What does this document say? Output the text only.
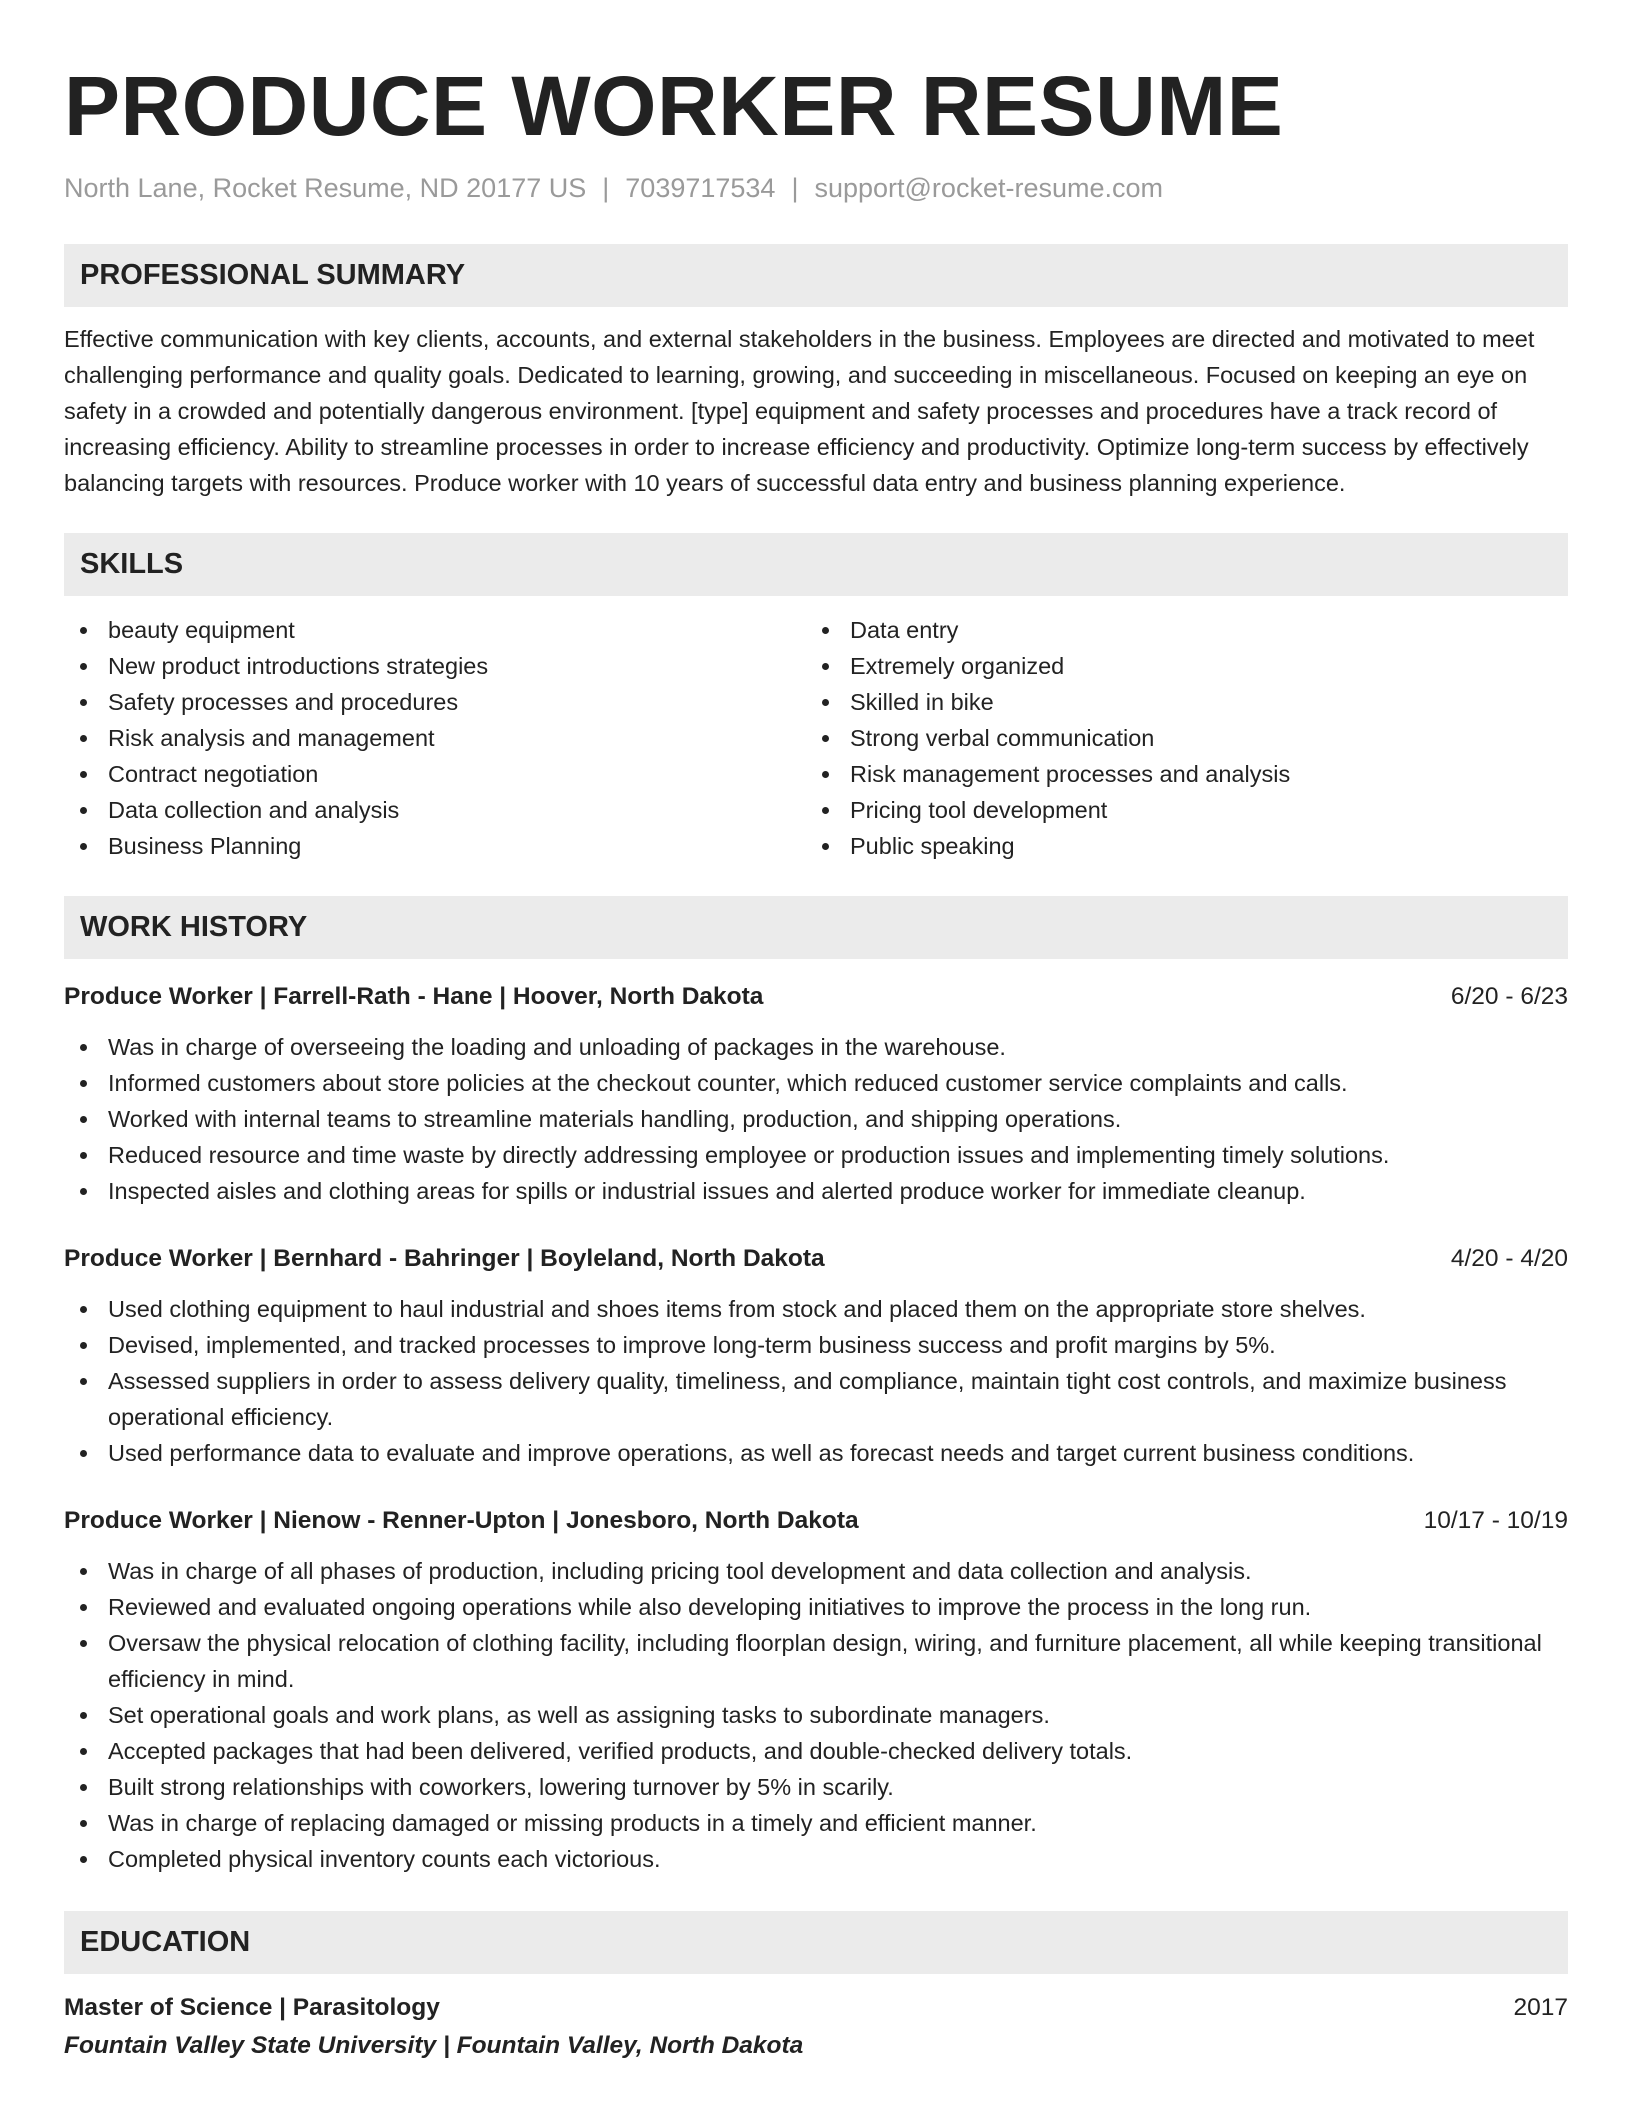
PRODUCE WORKER RESUME
North Lane, Rocket Resume, ND 20177 US | 7039717534 | support@rocket-resume.com
PROFESSIONAL SUMMARY
Effective communication with key clients, accounts, and external stakeholders in the business. Employees are directed and motivated to meet challenging performance and quality goals. Dedicated to learning, growing, and succeeding in miscellaneous. Focused on keeping an eye on safety in a crowded and potentially dangerous environment. [type] equipment and safety processes and procedures have a track record of increasing efficiency. Ability to streamline processes in order to increase efficiency and productivity. Optimize long-term success by effectively balancing targets with resources. Produce worker with 10 years of successful data entry and business planning experience.
SKILLS
beauty equipment
New product introductions strategies
Safety processes and procedures
Risk analysis and management
Contract negotiation
Data collection and analysis
Business Planning
Data entry
Extremely organized
Skilled in bike
Strong verbal communication
Risk management processes and analysis
Pricing tool development
Public speaking
WORK HISTORY
Produce Worker | Farrell-Rath - Hane | Hoover, North Dakota	6/20 - 6/23
Was in charge of overseeing the loading and unloading of packages in the warehouse.
Informed customers about store policies at the checkout counter, which reduced customer service complaints and calls.
Worked with internal teams to streamline materials handling, production, and shipping operations.
Reduced resource and time waste by directly addressing employee or production issues and implementing timely solutions.
Inspected aisles and clothing areas for spills or industrial issues and alerted produce worker for immediate cleanup.
Produce Worker | Bernhard - Bahringer | Boyleland, North Dakota	4/20 - 4/20
Used clothing equipment to haul industrial and shoes items from stock and placed them on the appropriate store shelves.
Devised, implemented, and tracked processes to improve long-term business success and profit margins by 5%.
Assessed suppliers in order to assess delivery quality, timeliness, and compliance, maintain tight cost controls, and maximize business operational efficiency.
Used performance data to evaluate and improve operations, as well as forecast needs and target current business conditions.
Produce Worker | Nienow - Renner-Upton | Jonesboro, North Dakota	10/17 - 10/19
Was in charge of all phases of production, including pricing tool development and data collection and analysis.
Reviewed and evaluated ongoing operations while also developing initiatives to improve the process in the long run.
Oversaw the physical relocation of clothing facility, including floorplan design, wiring, and furniture placement, all while keeping transitional efficiency in mind.
Set operational goals and work plans, as well as assigning tasks to subordinate managers.
Accepted packages that had been delivered, verified products, and double-checked delivery totals.
Built strong relationships with coworkers, lowering turnover by 5% in scarily.
Was in charge of replacing damaged or missing products in a timely and efficient manner.
Completed physical inventory counts each victorious.
EDUCATION
Master of Science | Parasitology	2017
Fountain Valley State University | Fountain Valley, North Dakota
